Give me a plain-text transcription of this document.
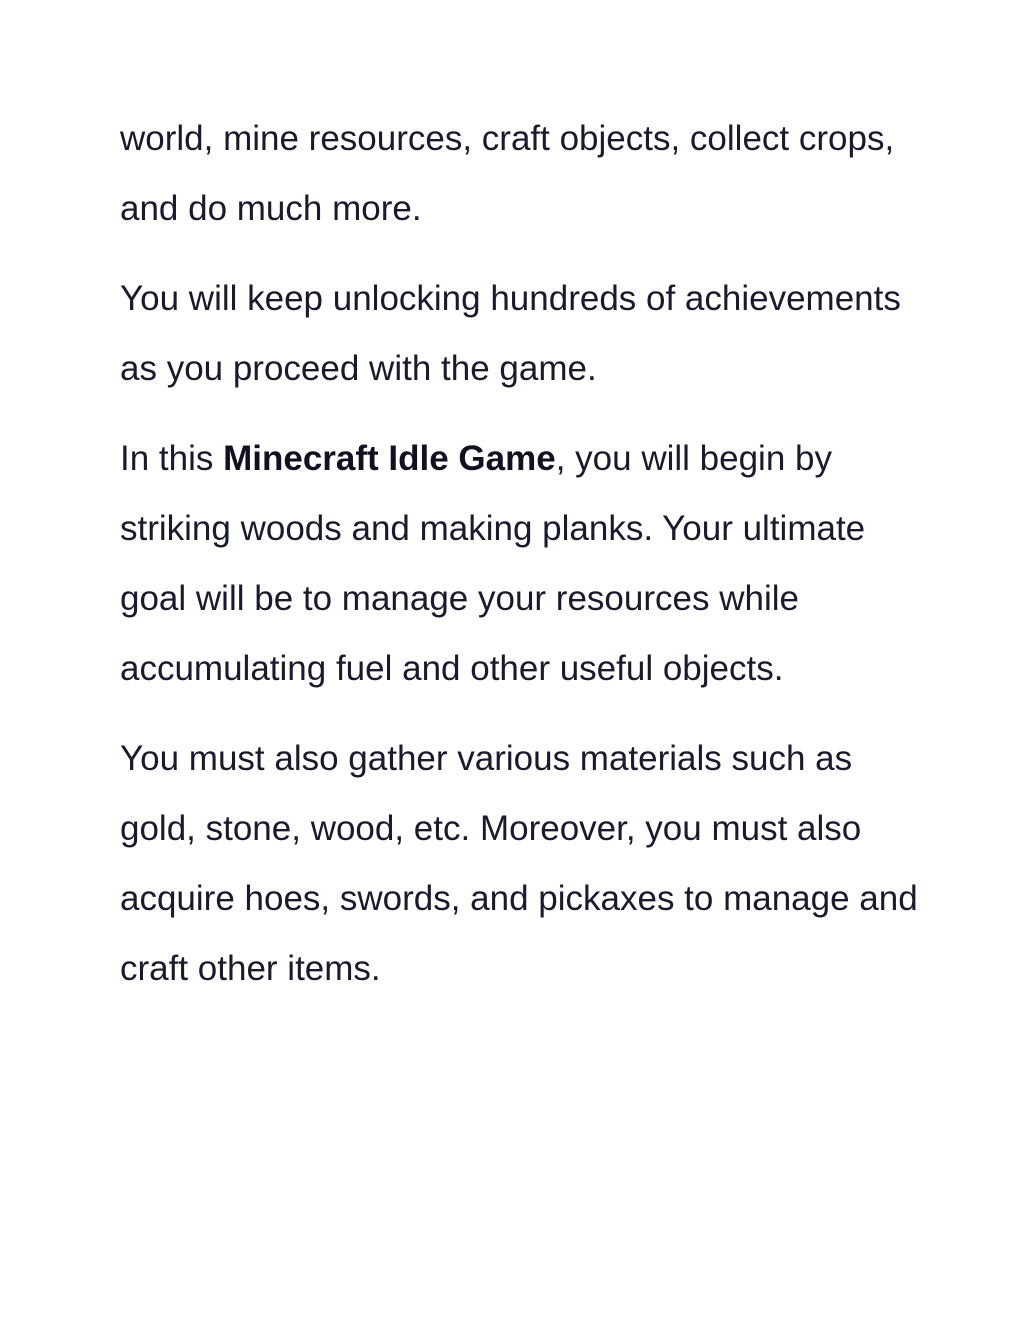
world, mine resources, craft objects, collect crops, and do much more.

You will keep unlocking hundreds of achievements as you proceed with the game.

In this Minecraft Idle Game, you will begin by striking woods and making planks. Your ultimate goal will be to manage your resources while accumulating fuel and other useful objects.

You must also gather various materials such as gold, stone, wood, etc. Moreover, you must also acquire hoes, swords, and pickaxes to manage and craft other items.
